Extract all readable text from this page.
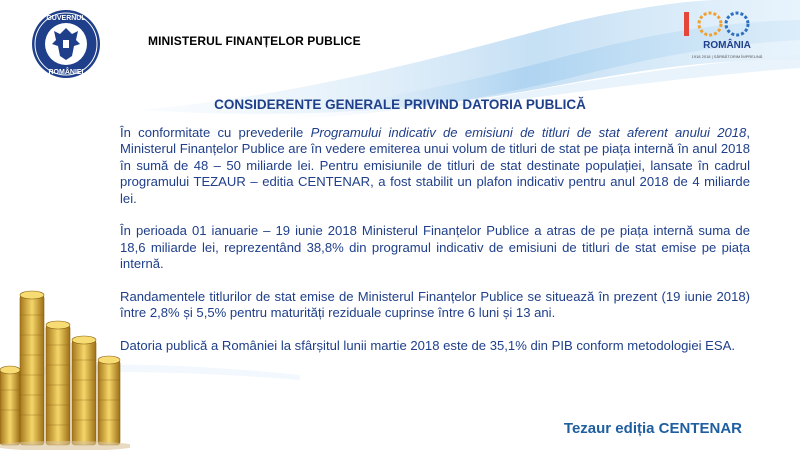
GUVERNUL
ROMÂNIEI
MINISTERUL FINANȚELOR PUBLICE	ROMÂNIA
1918 2018 | SĂRBĂTORIM ÎMPREUNĂ
CONSIDERENTE GENERALE PRIVIND DATORIA PUBLICĂ

În conformitate cu prevederile Programului indicativ de emisiuni de titluri de stat aferent anului 2018, Ministerul Finanțelor Publice are în vedere emiterea unui volum de titluri de stat pe piața internă în anul 2018 în sumă de 48 – 50 miliarde lei. Pentru emisiunile de titluri de stat destinate populației, lansate în cadrul programului TEZAUR – editia CENTENAR, a fost stabilit un plafon indicativ pentru anul 2018 de 4 miliarde lei.

În perioada 01 ianuarie – 19 iunie 2018 Ministerul Finanțelor Publice a atras de pe piața internă suma de 18,6 miliarde lei, reprezentând 38,8% din programul indicativ de emisiuni de titluri de stat emise pe piața internă.

Randamentele titlurilor de stat emise de Ministerul Finanțelor Publice se situează în prezent (19 iunie 2018) între 2,8% și 5,5% pentru maturități reziduale cuprinse între 6 luni și 13 ani.

Datoria publică a României la sfârșitul lunii martie 2018 este de 35,1% din PIB conform metodologiei ESA.

Tezaur ediția CENTENAR
